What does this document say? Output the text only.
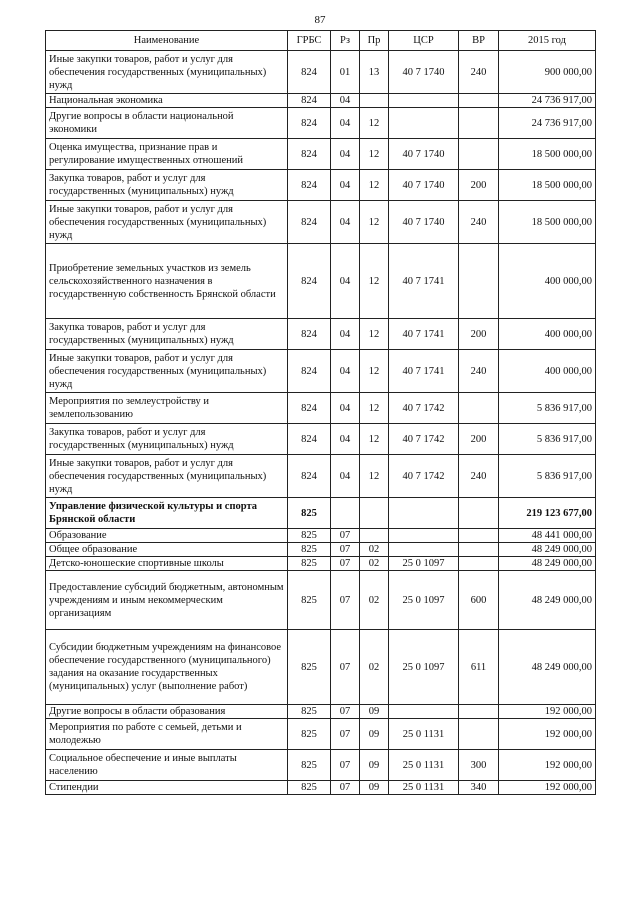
87
Наименование	ГРБС	Рз	Пр	ЦСР	ВР	2015 год
Иные закупки товаров, работ и услуг для обеспечения государственных (муниципальных) нужд	824	01	13	40 7 1740	240	900 000,00
Национальная экономика	824	04				24 736 917,00
Другие вопросы в области национальной экономики	824	04	12			24 736 917,00
Оценка имущества, признание прав и регулирование имущественных отношений	824	04	12	40 7 1740		18 500 000,00
Закупка товаров, работ и услуг для государственных (муниципальных) нужд	824	04	12	40 7 1740	200	18 500 000,00
Иные закупки товаров, работ и услуг для обеспечения государственных (муниципальных) нужд	824	04	12	40 7 1740	240	18 500 000,00
Приобретение земельных участков из земель сельскохозяйственного назначения в государственную собственность Брянской области	824	04	12	40 7 1741		400 000,00
Закупка товаров, работ и услуг для государственных (муниципальных) нужд	824	04	12	40 7 1741	200	400 000,00
Иные закупки товаров, работ и услуг для обеспечения государственных (муниципальных) нужд	824	04	12	40 7 1741	240	400 000,00
Мероприятия по землеустройству и землепользованию	824	04	12	40 7 1742		5 836 917,00
Закупка товаров, работ и услуг для государственных (муниципальных) нужд	824	04	12	40 7 1742	200	5 836 917,00
Иные закупки товаров, работ и услуг для обеспечения государственных (муниципальных) нужд	824	04	12	40 7 1742	240	5 836 917,00
Управление физической культуры и спорта Брянской области	825					219 123 677,00
Образование	825	07				48 441 000,00
Общее образование	825	07	02			48 249 000,00
Детско-юношеские спортивные школы	825	07	02	25 0 1097		48 249 000,00
Предоставление субсидий бюджетным, автономным учреждениям и иным некоммерческим организациям	825	07	02	25 0 1097	600	48 249 000,00
Субсидии бюджетным учреждениям на финансовое обеспечение государственного (муниципального) задания на оказание государственных (муниципальных) услуг (выполнение работ)	825	07	02	25 0 1097	611	48 249 000,00
Другие вопросы в области образования	825	07	09			192 000,00
Мероприятия по работе с семьей, детьми и молодежью	825	07	09	25 0 1131		192 000,00
Социальное обеспечение и иные выплаты населению	825	07	09	25 0 1131	300	192 000,00
Стипендии	825	07	09	25 0 1131	340	192 000,00
